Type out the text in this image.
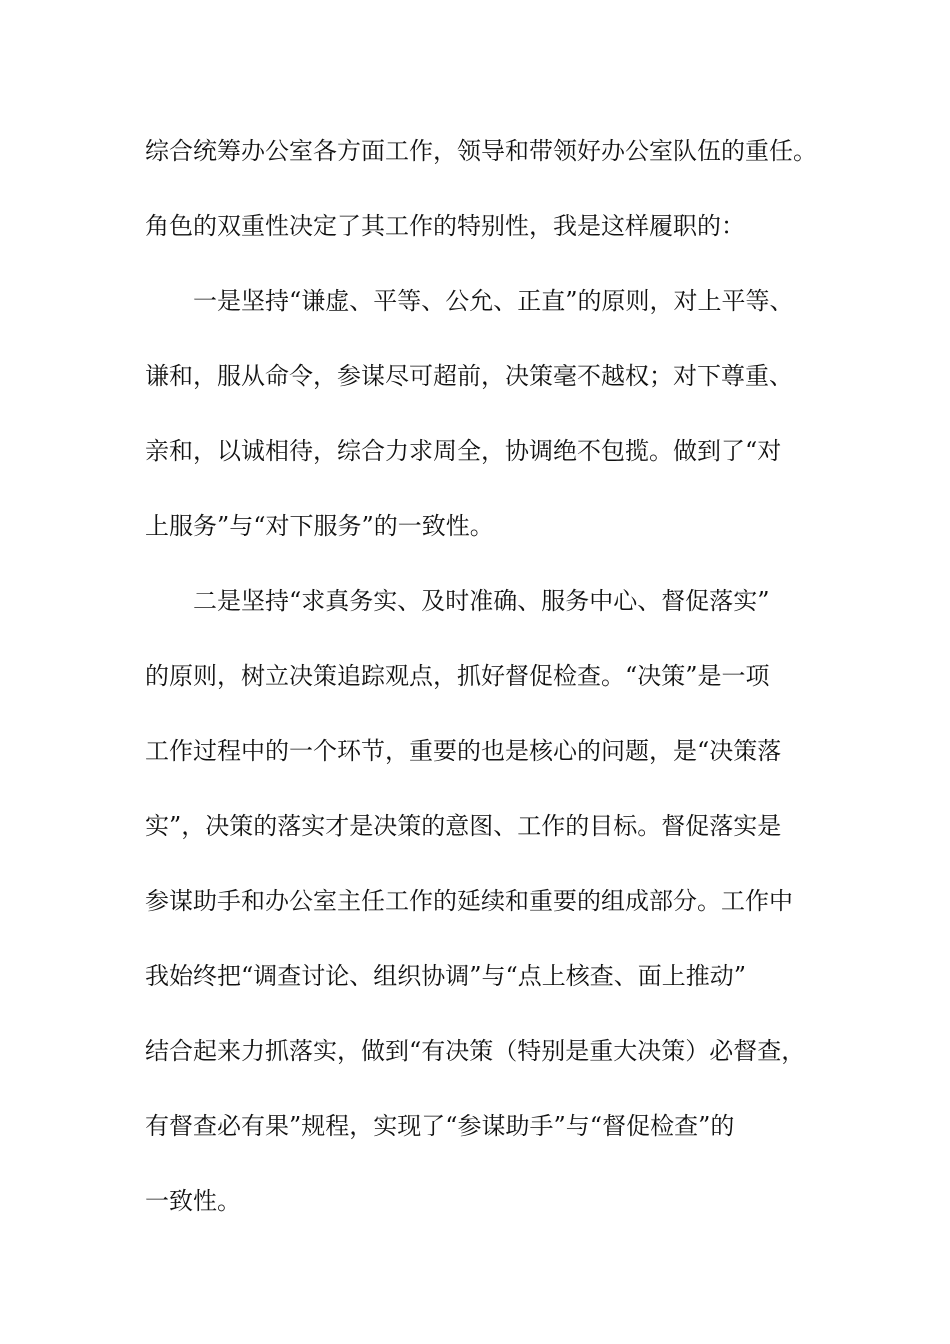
综合统筹办公室各方面工作，领导和带领好办公室队伍的重任。
角色的双重性决定了其工作的特别性，我是这样履职的：
一是坚持“谦虚、平等、公允、正直”的原则，对上平等、
谦和，服从命令，参谋尽可超前，决策毫不越权；对下尊重、
亲和，以诚相待，综合力求周全，协调绝不包揽。做到了“对
上服务”与“对下服务”的一致性。
二是坚持“求真务实、及时准确、服务中心、督促落实”
的原则，树立决策追踪观点，抓好督促检查。“决策”是一项
工作过程中的一个环节，重要的也是核心的问题，是“决策落
实”，决策的落实才是决策的意图、工作的目标。督促落实是
参谋助手和办公室主任工作的延续和重要的组成部分。工作中
我始终把“调查讨论、组织协调”与“点上核查、面上推动”
结合起来力抓落实，做到“有决策（特别是重大决策）必督查，
有督查必有果”规程，实现了“参谋助手”与“督促检查”的
一致性。
